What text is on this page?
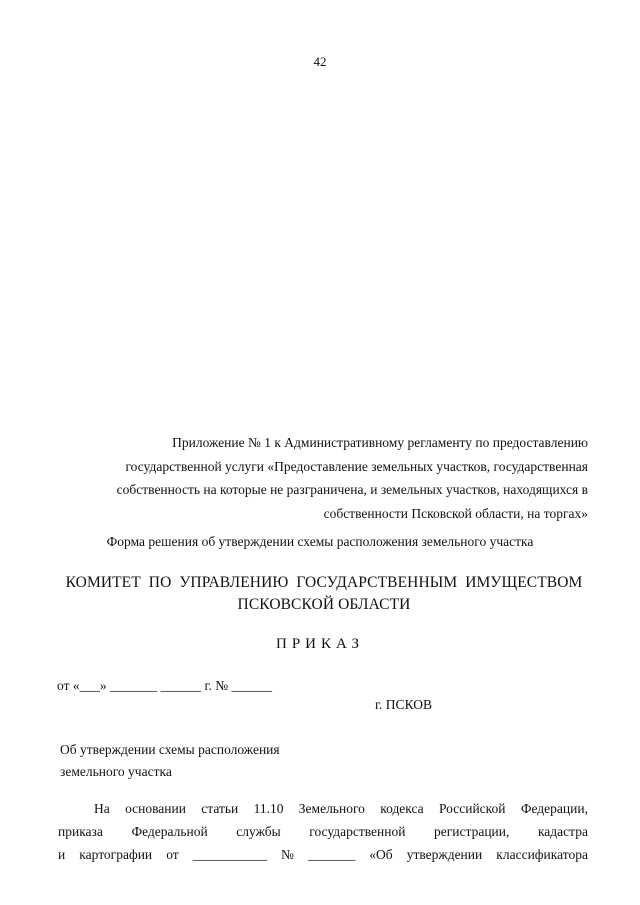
42
Приложение № 1 к Административному регламенту по предоставлению
государственной услуги «Предоставление земельных участков, государственная
собственность на которые не разграничена, и земельных участков, находящихся в
собственности Псковской области, на торгах»
Форма решения об утверждении схемы расположения земельного участка
КОМИТЕТ ПО УПРАВЛЕНИЮ ГОСУДАРСТВЕННЫМ ИМУЩЕСТВОМ
ПСКОВСКОЙ ОБЛАСТИ
ПРИКАЗ
от «___» _______ ______ г. № ______
г. ПСКОВ
Об утверждении схемы расположения
земельного участка
На основании статьи 11.10 Земельного кодекса Российской Федерации,
приказа Федеральной службы государственной регистрации, кадастра
и картографии от ___________ № _______ «Об утверждении классификатора
